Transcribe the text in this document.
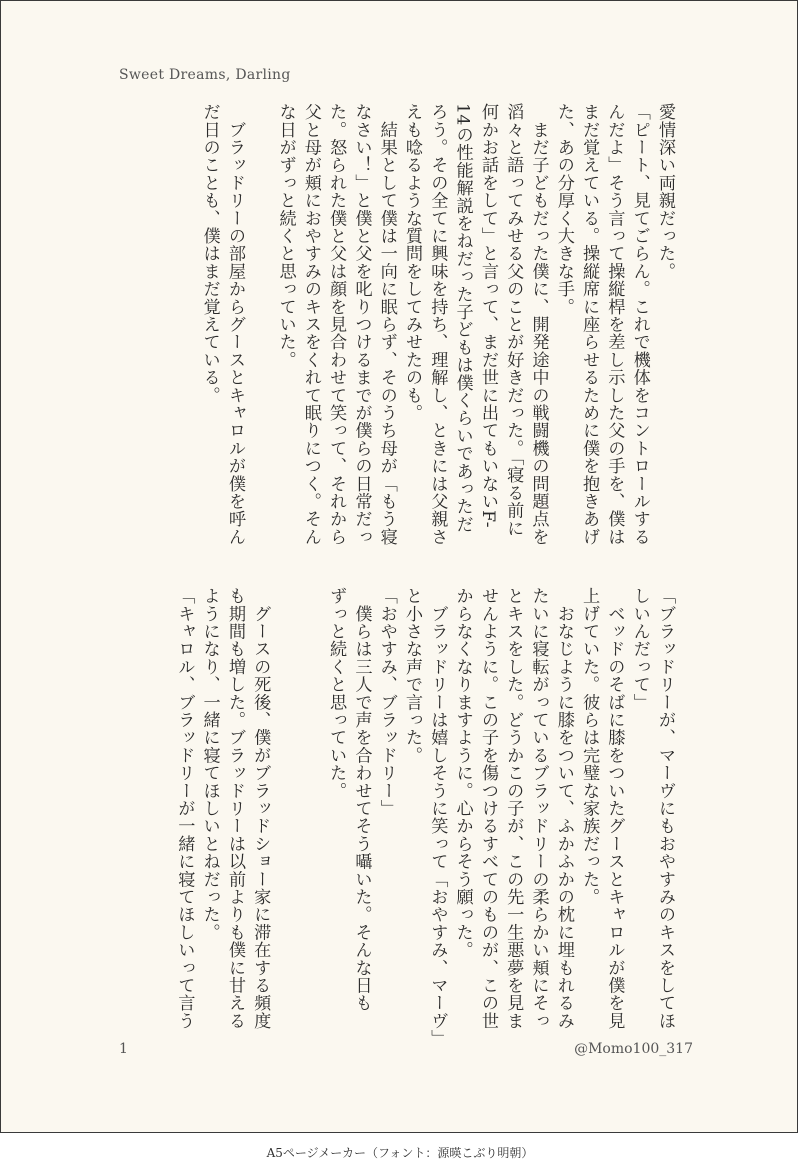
Sweet Dreams, Darling
愛情深い両親だった。
「ピート、見てごらん。これで機体をコントロールする
んだよ」そう言って操縦桿を差し示した父の手を、僕は
まだ覚えている。操縦席に座らせるために僕を抱きあげ
た、あの分厚く大きな手。
　まだ子どもだった僕に、開発途中の戦闘機の問題点を
滔々と語ってみせる父のことが好きだった。「寝る前に
何かお話をして」と言って、まだ世に出てもいないF-
14の性能解説をねだった子どもは僕くらいであっただ
ろう。その全てに興味を持ち、理解し、ときには父親さ
えも唸るような質問をしてみせたのも。
　結果として僕は一向に眠らず、そのうち母が「もう寝
なさい！」と僕と父を叱りつけるまでが僕らの日常だっ
た。怒られた僕と父は顔を見合わせて笑って、それから
父と母が頬におやすみのキスをくれて眠りにつく。そん
な日がずっと続くと思っていた。

　ブラッドリーの部屋からグースとキャロルが僕を呼ん
だ日のことも、僕はまだ覚えている。
「ブラッドリーが、マーヴにもおやすみのキスをしてほ
しいんだって」
　ベッドのそばに膝をついたグースとキャロルが僕を見
上げていた。彼らは完璧な家族だった。
　おなじように膝をついて、ふかふかの枕に埋もれるみ
たいに寝転がっているブラッドリーの柔らかい頬にそっ
とキスをした。どうかこの子が、この先一生悪夢を見ま
せんように。この子を傷つけるすべてのものが、この世
からなくなりますように。心からそう願った。
　ブラッドリーは嬉しそうに笑って「おやすみ、マーヴ」
と小さな声で言った。
「おやすみ、ブラッドリー」
　僕らは三人で声を合わせてそう囁いた。そんな日も
ずっと続くと思っていた。

　グースの死後、僕がブラッドショー家に滞在する頻度
も期間も増した。ブラッドリーは以前よりも僕に甘える
ようになり、一緒に寝てほしいとねだった。
「キャロル、ブラッドリーが一緒に寝てほしいって言う
1	@Momo100_317
A5ページメーカー（フォント：源暎こぶり明朝）
